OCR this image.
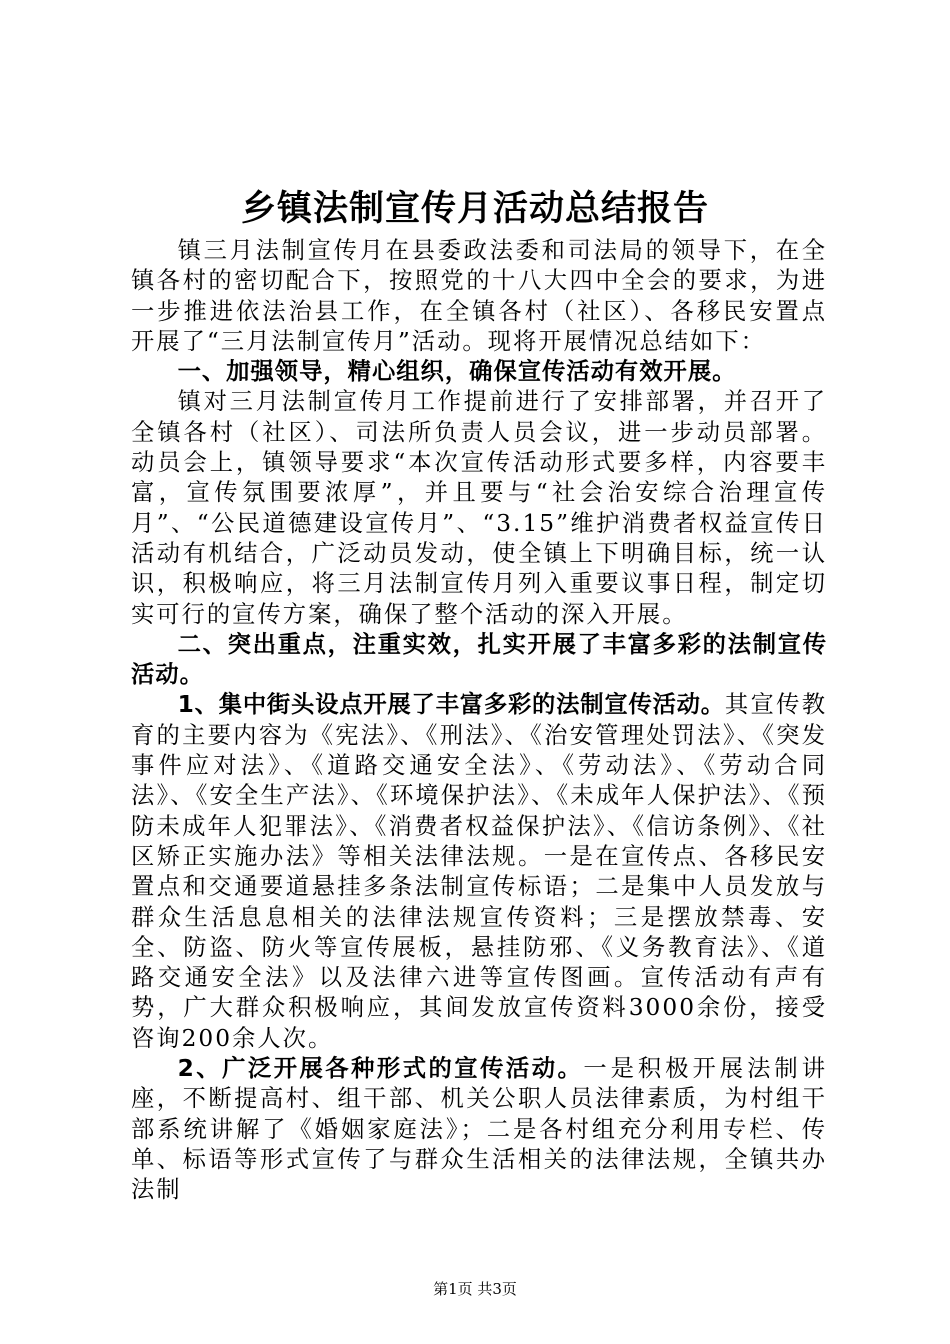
乡镇法制宣传月活动总结报告

镇三月法制宣传月在县委政法委和司法局的领导下，在全镇各村的密切配合下，按照党的十八大四中全会的要求，为进一步推进依法治县工作，在全镇各村（社区）、各移民安置点开展了“三月法制宣传月”活动。现将开展情况总结如下：

一、加强领导，精心组织，确保宣传活动有效开展。

镇对三月法制宣传月工作提前进行了安排部署，并召开了全镇各村（社区）、司法所负责人员会议，进一步动员部署。动员会上，镇领导要求“本次宣传活动形式要多样，内容要丰富，宣传氛围要浓厚”，并且要与“社会治安综合治理宣传月”、“公民道德建设宣传月”、“3.15”维护消费者权益宣传日活动有机结合，广泛动员发动，使全镇上下明确目标，统一认识，积极响应，将三月法制宣传月列入重要议事日程，制定切实可行的宣传方案，确保了整个活动的深入开展。

二、突出重点，注重实效，扎实开展了丰富多彩的法制宣传活动。

1、集中街头设点开展了丰富多彩的法制宣传活动。其宣传教育的主要内容为《宪法》、《刑法》、《治安管理处罚法》、《突发事件应对法》、《道路交通安全法》、《劳动法》、《劳动合同法》、《安全生产法》、《环境保护法》、《未成年人保护法》、《预防未成年人犯罪法》、《消费者权益保护法》、《信访条例》、《社区矫正实施办法》等相关法律法规。一是在宣传点、各移民安置点和交通要道悬挂多条法制宣传标语；二是集中人员发放与群众生活息息相关的法律法规宣传资料；三是摆放禁毒、安全、防盗、防火等宣传展板，悬挂防邪、《义务教育法》、《道路交通安全法》以及法律六进等宣传图画。宣传活动有声有势，广大群众积极响应，其间发放宣传资料3000余份，接受咨询200余人次。

2、广泛开展各种形式的宣传活动。一是积极开展法制讲座，不断提高村、组干部、机关公职人员法律素质，为村组干部系统讲解了《婚姻家庭法》；二是各村组充分利用专栏、传单、标语等形式宣传了与群众生活相关的法律法规，全镇共办法制

第1页 共3页
